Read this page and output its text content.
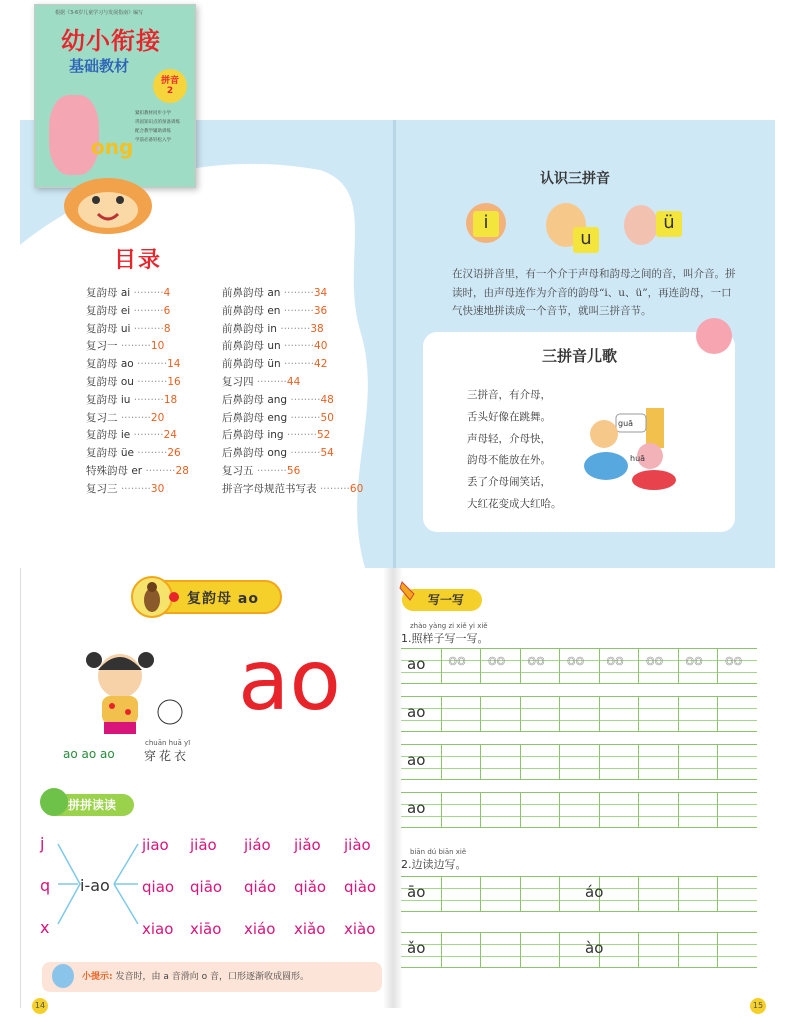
根据《3-6岁儿童学习与发展指南》编写
幼小衔接
基础教材
拼音
2
ong
紧扣教材同步小学
巩固知识点的预备训练
配合教学辅助训练
学前必备轻松入学
目录
复韵母 ai ·········4
复韵母 ei ·········6
复韵母 ui ·········8
复习一 ·········10
复韵母 ao ·········14
复韵母 ou ·········16
复韵母 iu ·········18
复习二 ·········20
复韵母 ie ·········24
复韵母 üe ·········26
特殊韵母 er ·········28
复习三 ·········30
前鼻韵母 an ·········34
前鼻韵母 en ·········36
前鼻韵母 in ·········38
前鼻韵母 un ·········40
前鼻韵母 ün ·········42
复习四 ·········44
后鼻韵母 ang ·········48
后鼻韵母 eng ·········50
后鼻韵母 ing ·········52
后鼻韵母 ong ·········54
复习五 ·········56
拼音字母规范书写表 ·········60
认识三拼音
i
u
ü
在汉语拼音里，有一个介于声母和韵母之间的音，叫介音。拼读时，由声母连作为介音的韵母“i、u、ü”，再连韵母，一口气快速地拼读成一个音节，就叫三拼音节。
三拼音儿歌
三拼音，有介母，
舌头好像在跳舞。
声母轻，介母快，
韵母不能放在外。
丢了介母闹笑话，
大红花变成大红哈。
guā
huā
复韵母 ao
ao
ao ao ao
chuān huā yī
穿花衣
拼拼读读
j
q
x
i-ao
jiao jiāo jiáo jiǎo jiào
qiao qiāo qiáo qiǎo qiào
xiao xiāo xiáo xiǎo xiào
小提示: 发音时，由 a 音滑向 o 音，口形逐渐收成圆形。
14
写一写
zhào yàng zi xiě yi xiě
1.照样子写一写。
ao oo oo oo oo oo oo oo oo
ao
ao
ao
biān dú biān xiě
2.边读边写。
āo	áo
ǎo	ào
15
